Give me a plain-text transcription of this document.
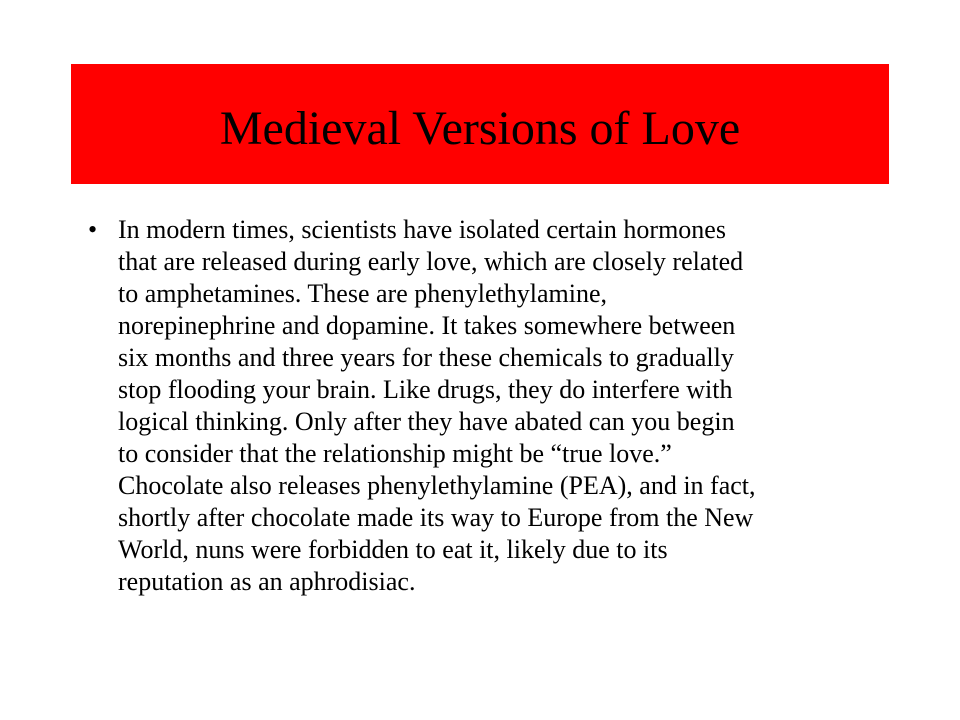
Medieval Versions of Love
• In modern times, scientists have isolated certain hormones
that are released during early love, which are closely related
to amphetamines. These are phenylethylamine,
norepinephrine and dopamine. It takes somewhere between
six months and three years for these chemicals to gradually
stop flooding your brain. Like drugs, they do interfere with
logical thinking. Only after they have abated can you begin
to consider that the relationship might be “true love.”
Chocolate also releases phenylethylamine (PEA), and in fact,
shortly after chocolate made its way to Europe from the New
World, nuns were forbidden to eat it, likely due to its
reputation as an aphrodisiac.
